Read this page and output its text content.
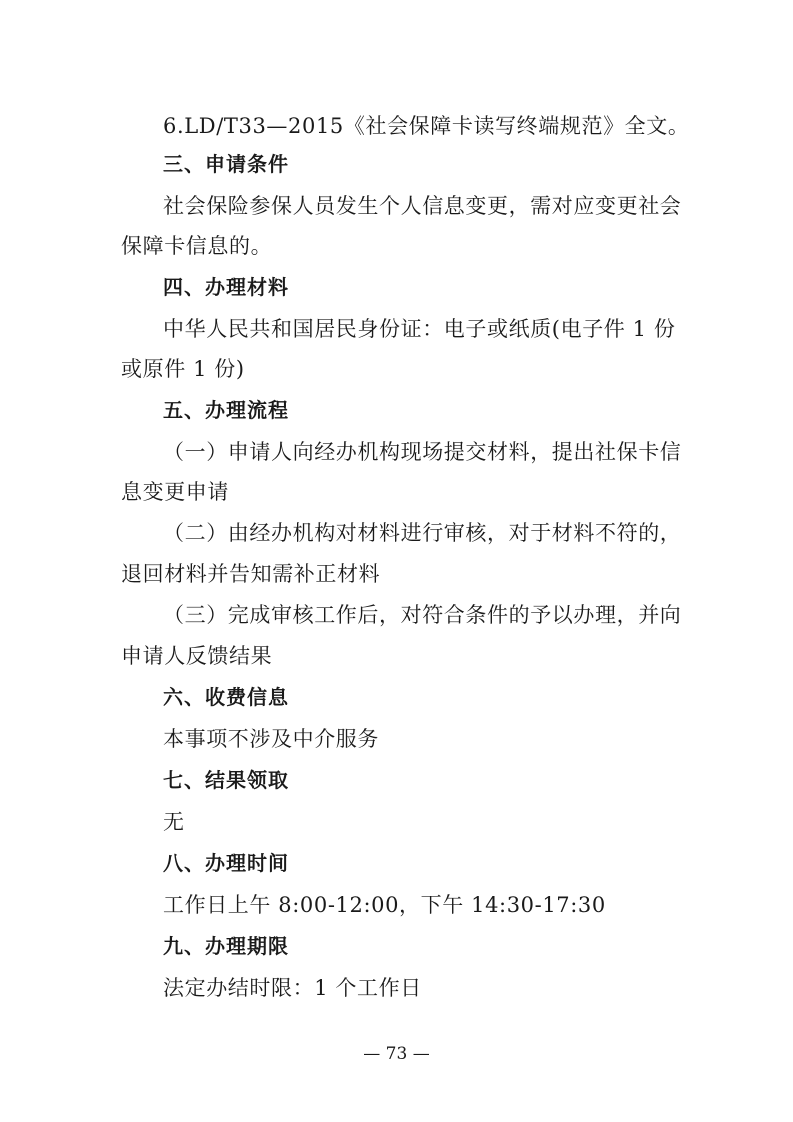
6.LD/T33—2015《社会保障卡读写终端规范》全文。
三、申请条件
社会保险参保人员发生个人信息变更，需对应变更社会
保障卡信息的。
四、办理材料
中华人民共和国居民身份证：电子或纸质(电子件 1 份
或原件 1 份)
五、办理流程
（一）申请人向经办机构现场提交材料，提出社保卡信
息变更申请
（二）由经办机构对材料进行审核，对于材料不符的，
退回材料并告知需补正材料
（三）完成审核工作后，对符合条件的予以办理，并向
申请人反馈结果
六、收费信息
本事项不涉及中介服务
七、结果领取
无
八、办理时间
工作日上午 8:00-12:00，下午 14:30-17:30
九、办理期限
法定办结时限：1 个工作日
— 73 —
